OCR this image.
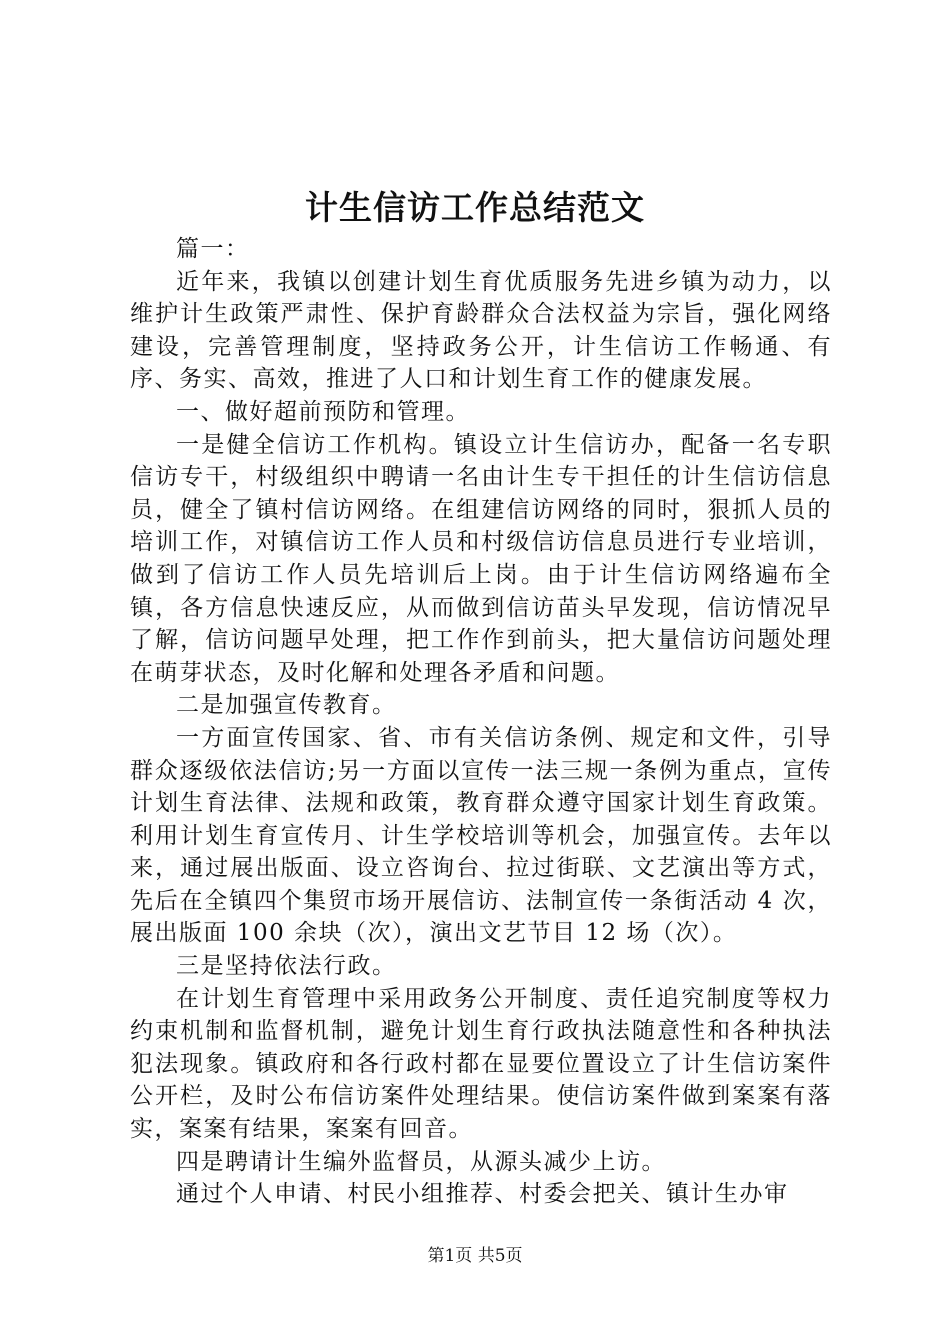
计生信访工作总结范文

篇一：

近年来，我镇以创建计划生育优质服务先进乡镇为动力，以维护计生政策严肃性、保护育龄群众合法权益为宗旨，强化网络建设，完善管理制度，坚持政务公开，计生信访工作畅通、有序、务实、高效，推进了人口和计划生育工作的健康发展。

一、做好超前预防和管理。

一是健全信访工作机构。镇设立计生信访办，配备一名专职信访专干，村级组织中聘请一名由计生专干担任的计生信访信息员，健全了镇村信访网络。在组建信访网络的同时，狠抓人员的培训工作，对镇信访工作人员和村级信访信息员进行专业培训，做到了信访工作人员先培训后上岗。由于计生信访网络遍布全镇，各方信息快速反应，从而做到信访苗头早发现，信访情况早了解，信访问题早处理，把工作作到前头，把大量信访问题处理在萌芽状态，及时化解和处理各矛盾和问题。

二是加强宣传教育。

一方面宣传国家、省、市有关信访条例、规定和文件，引导群众逐级依法信访;另一方面以宣传一法三规一条例为重点，宣传计划生育法律、法规和政策，教育群众遵守国家计划生育政策。利用计划生育宣传月、计生学校培训等机会，加强宣传。去年以来，通过展出版面、设立咨询台、拉过街联、文艺演出等方式，先后在全镇四个集贸市场开展信访、法制宣传一条街活动 4 次，展出版面 100 余块（次），演出文艺节目 12 场（次）。

三是坚持依法行政。

在计划生育管理中采用政务公开制度、责任追究制度等权力约束机制和监督机制，避免计划生育行政执法随意性和各种执法犯法现象。镇政府和各行政村都在显要位置设立了计生信访案件公开栏，及时公布信访案件处理结果。使信访案件做到案案有落实，案案有结果，案案有回音。

四是聘请计生编外监督员，从源头减少上访。

通过个人申请、村民小组推荐、村委会把关、镇计生办审

第1页 共5页
